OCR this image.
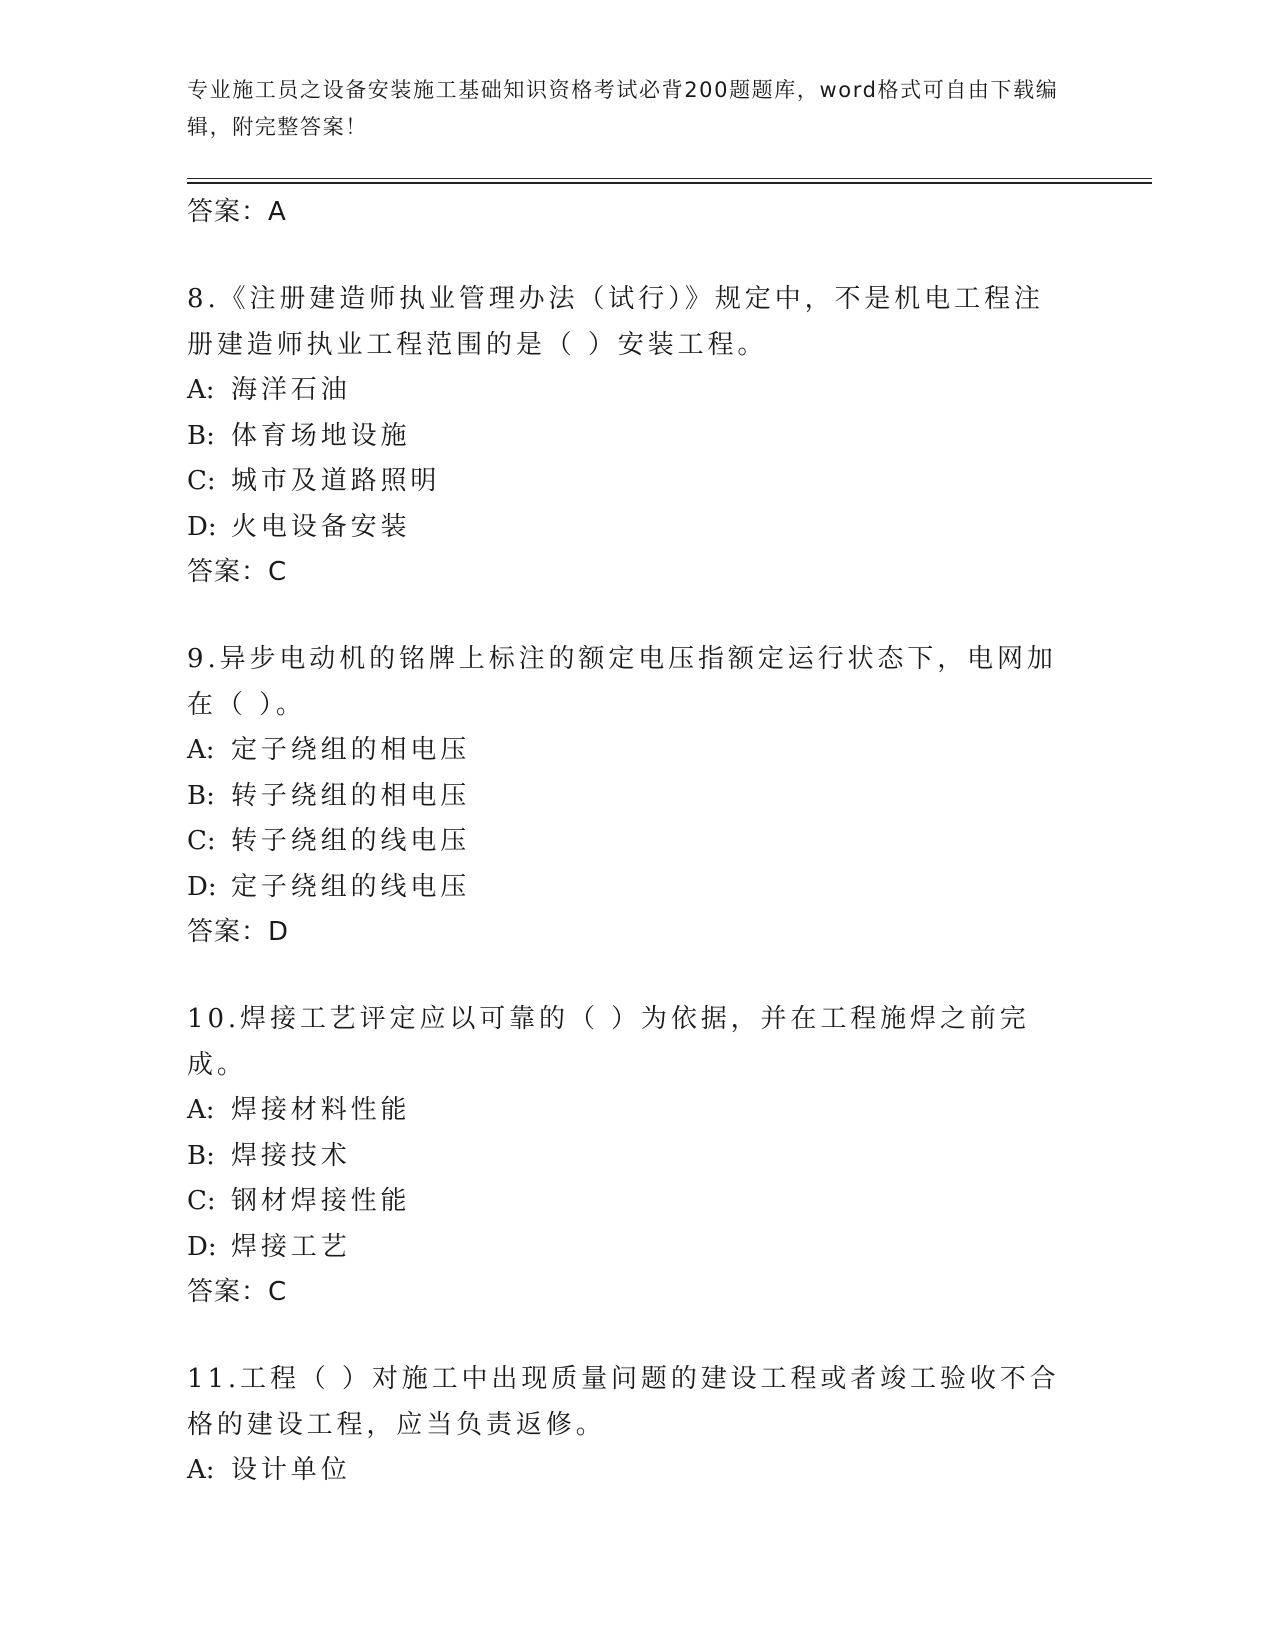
专业施工员之设备安装施工基础知识资格考试必背200题题库，word格式可自由下载编辑，附完整答案！

答案：A

8.《注册建造师执业管理办法（试行）》规定中，不是机电工程注册建造师执业工程范围的是（ ）安装工程。

A: 海洋石油

B: 体育场地设施

C: 城市及道路照明

D: 火电设备安装

答案：C

9.异步电动机的铭牌上标注的额定电压指额定运行状态下，电网加在（ ）。

A: 定子绕组的相电压

B: 转子绕组的相电压

C: 转子绕组的线电压

D: 定子绕组的线电压

答案：D

10.焊接工艺评定应以可靠的（ ）为依据，并在工程施焊之前完成。

A: 焊接材料性能

B: 焊接技术

C: 钢材焊接性能

D: 焊接工艺

答案：C

11.工程（ ）对施工中出现质量问题的建设工程或者竣工验收不合格的建设工程，应当负责返修。

A: 设计单位
